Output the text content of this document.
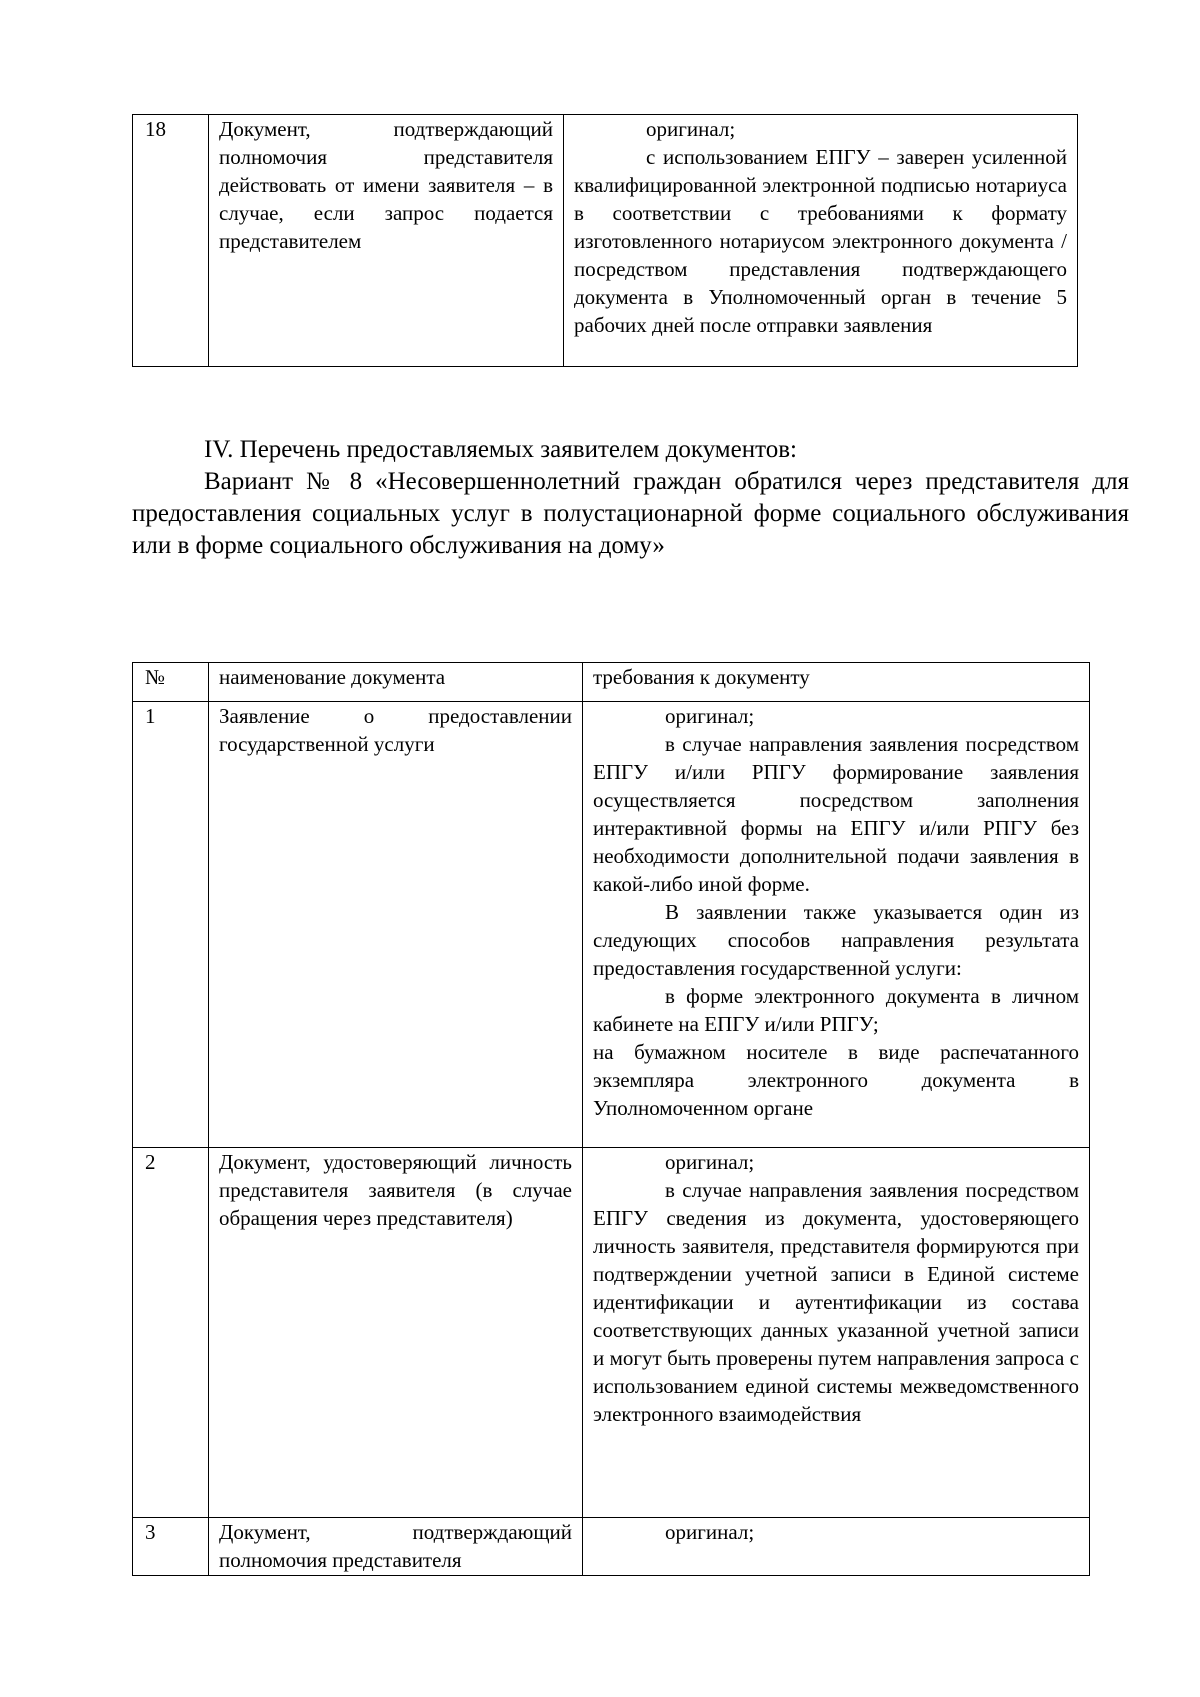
18	Документ, подтверждающий полномочия представителя действовать от имени заявителя – в случае, если запрос подается представителем	

оригинал;

с использованием ЕПГУ – заверен усиленной квалифицированной электронной подписью нотариуса в соответствии с требованиями к формату изготовленного нотариусом электронного документа / посредством представления подтверждающего документа в Уполномоченный орган в течение 5 рабочих дней после отправки заявления

IV. Перечень предоставляемых заявителем документов:

Вариант № 8 «Несовершеннолетний граждан обратился через представителя для предоставления социальных услуг в полустационарной форме социального обслуживания или в форме социального обслуживания на дому»

№	наименование документа	требования к документу
1	Заявление о предоставлении государственной услуги	оригинал;

в случае направления заявления посредством ЕПГУ и/или РПГУ формирование заявления осуществляется посредством заполнения интерактивной формы на ЕПГУ и/или РПГУ без необходимости дополнительной подачи заявления в какой-либо иной форме.

В заявлении также указывается один из следующих способов направления результата предоставления государственной услуги:

в форме электронного документа в личном кабинете на ЕПГУ и/или РПГУ;

на бумажном носителе в виде распечатанного экземпляра электронного документа в Уполномоченном органе

2	Документ, удостоверяющий личность представителя заявителя (в случае обращения через представителя)	оригинал;

в случае направления заявления посредством ЕПГУ сведения из документа, удостоверяющего личность заявителя, представителя формируются при подтверждении учетной записи в Единой системе идентификации и аутентификации из состава соответствующих данных указанной учетной записи и могут быть проверены путем направления запроса с использованием единой системы межведомственного электронного взаимодействия

3	Документ, подтверждающий полномочия представителя	оригинал;
